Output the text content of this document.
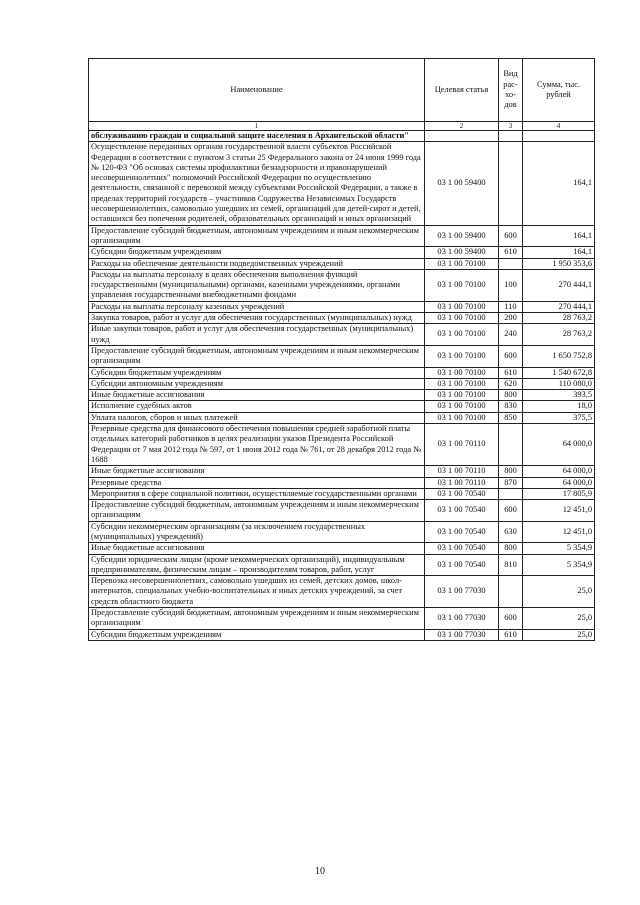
Наименование	Целевая статья	Вид рас-хо-дов	Сумма, тыс. рублей
1	2	3	4
обслуживанию граждан и социальной защите населения в Архангельской области"			
Осуществление переданных органам государственной власти субъектов Российской Федерации в соответствии с пунктом 3 статьи 25 Федерального закона от 24 июня 1999 года № 120-ФЗ "Об основах системы профилактики безнадзорности и правонарушений несовершеннолетних" полномочий Российской Федерации по осуществлению деятельности, связанной с перевозкой между субъектами Российской Федерации, а также в пределах территорий государств – участников Содружества Независимых Государств несовершеннолетних, самовольно ушедших из семей, организаций для детей-сирот и детей, оставшихся без попечения родителей, образовательных организаций и иных организаций	03 1 00 59400		164,1
Предоставление субсидий бюджетным, автономным учреждениям и иным некоммерческим организациям	03 1 00 59400	600	164,1
Субсидии бюджетным учреждениям	03 1 00 59400	610	164,1
Расходы на обеспечение деятельности подведомственных учреждений	03 1 00 70100		1 950 353,6
Расходы на выплаты персоналу в целях обеспечения выполнения функций государственными (муниципальными) органами, казенными учреждениями, органами управления государственными внебюджетными фондами	03 1 00 70100	100	270 444,1
Расходы на выплаты персоналу казенных учреждений	03 1 00 70100	110	270 444,1
Закупка товаров, работ и услуг для обеспечения государственных (муниципальных) нужд	03 1 00 70100	200	28 763,2
Иные закупки товаров, работ и услуг для обеспечения государственных (муниципальных) нужд	03 1 00 70100	240	28 763,2
Предоставление субсидий бюджетным, автономным учреждениям и иным некоммерческим организациям	03 1 00 70100	600	1 650 752,8
Субсидии бюджетным учреждениям	03 1 00 70100	610	1 540 672,8
Субсидии автономным учреждениям	03 1 00 70100	620	110 080,0
Иные бюджетные ассигнования	03 1 00 70100	800	393,5
Исполнение судебных актов	03 1 00 70100	830	18,0
Уплата налогов, сборов и иных платежей	03 1 00 70100	850	375,5
Резервные средства для финансового обеспечения повышения средней заработной платы отдельных категорий работников в целях реализации указов Президента Российской Федерации от 7 мая 2012 года № 597, от 1 июня 2012 года № 761, от 28 декабря 2012 года № 1688	03 1 00 70110		64 000,0
Иные бюджетные ассигнования	03 1 00 70110	800	64 000,0
Резервные средства	03 1 00 70110	870	64 000,0
Мероприятия в сфере социальной политики, осуществляемые государственными органами	03 1 00 70540		17 805,9
Предоставление субсидий бюджетным, автономным учреждениям и иным некоммерческим организациям	03 1 00 70540	600	12 451,0
Субсидии некоммерческим организациям (за исключением государственных (муниципальных) учреждений)	03 1 00 70540	630	12 451,0
Иные бюджетные ассигнования	03 1 00 70540	800	5 354,9
Субсидии юридическим лицам (кроме некоммерческих организаций), индивидуальным предпринимателям, физическим лицам – производителям товаров, работ, услуг	03 1 00 70540	810	5 354,9
Перевозка несовершеннолетних, самовольно ушедших из семей, детских домов, школ-интернатов, специальных учебно-воспитательных и иных детских учреждений, за счет средств областного бюджета	03 1 00 77030		25,0
Предоставление субсидий бюджетным, автономным учреждениям и иным некоммерческим организациям	03 1 00 77030	600	25,0
Субсидии бюджетным учреждениям	03 1 00 77030	610	25,0
10
